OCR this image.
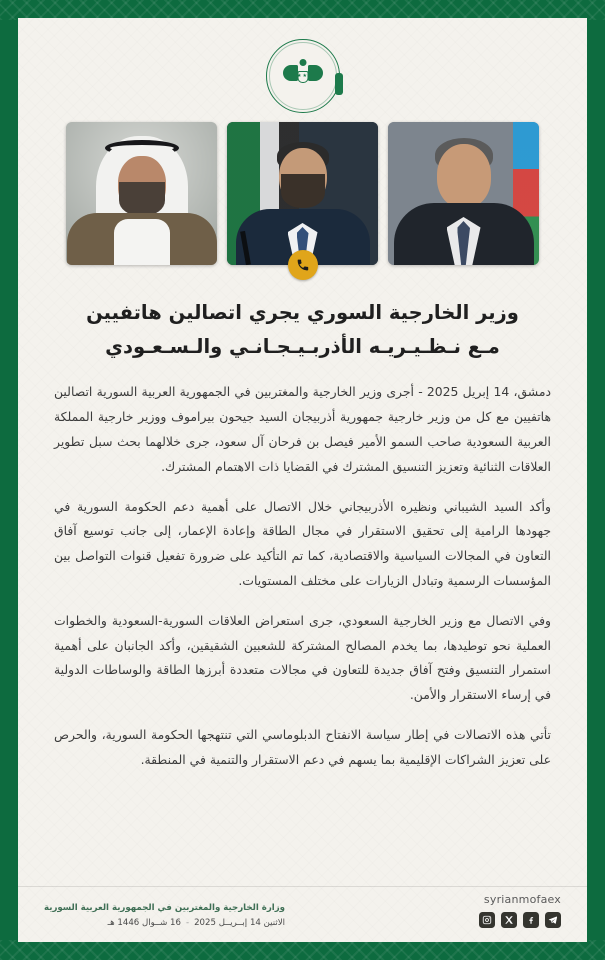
★★
وزير الخارجية السوري يجري اتصالين هاتفيين
مـع نـظـيـريـه الأذربـيـجـانـي والـسـعـودي

دمشق، 14 إبريل 2025 - أجرى وزير الخارجية والمغتربين في الجمهورية العربية السورية اتصالين هاتفيين مع كل من وزير خارجية جمهورية أذربيجان السيد جيحون بيراموف ووزير خارجية المملكة العربية السعودية صاحب السمو الأمير فيصل بن فرحان آل سعود، جرى خلالهما بحث سبل تطوير العلاقات الثنائية وتعزيز التنسيق المشترك في القضايا ذات الاهتمام المشترك.

وأكد السيد الشيباني ونظيره الأذربيجاني خلال الاتصال على أهمية دعم الحكومة السورية في جهودها الرامية إلى تحقيق الاستقرار في مجال الطاقة وإعادة الإعمار، إلى جانب توسيع آفاق التعاون في المجالات السياسية والاقتصادية، كما تم التأكيد على ضرورة تفعيل قنوات التواصل بين المؤسسات الرسمية وتبادل الزيارات على مختلف المستويات.

وفي الاتصال مع وزير الخارجية السعودي، جرى استعراض العلاقات السورية-السعودية والخطوات العملية نحو توطيدها، بما يخدم المصالح المشتركة للشعبين الشقيقين، وأكد الجانبان على أهمية استمرار التنسيق وفتح آفاق جديدة للتعاون في مجالات متعددة أبرزها الطاقة والوساطات الدولية في إرساء الاستقرار والأمن.

تأتي هذه الاتصالات في إطار سياسة الانفتاح الدبلوماسي التي تنتهجها الحكومة السورية، والحرص على تعزيز الشراكات الإقليمية بما يسهم في دعم الاستقرار والتنمية في المنطقة.

syrianmofaex
وزارة الخارجية والمغتربين في الجمهورية العربية السورية
الاثنين 14 إبــريــل 2025
-
16 شــوال 1446 هـ
